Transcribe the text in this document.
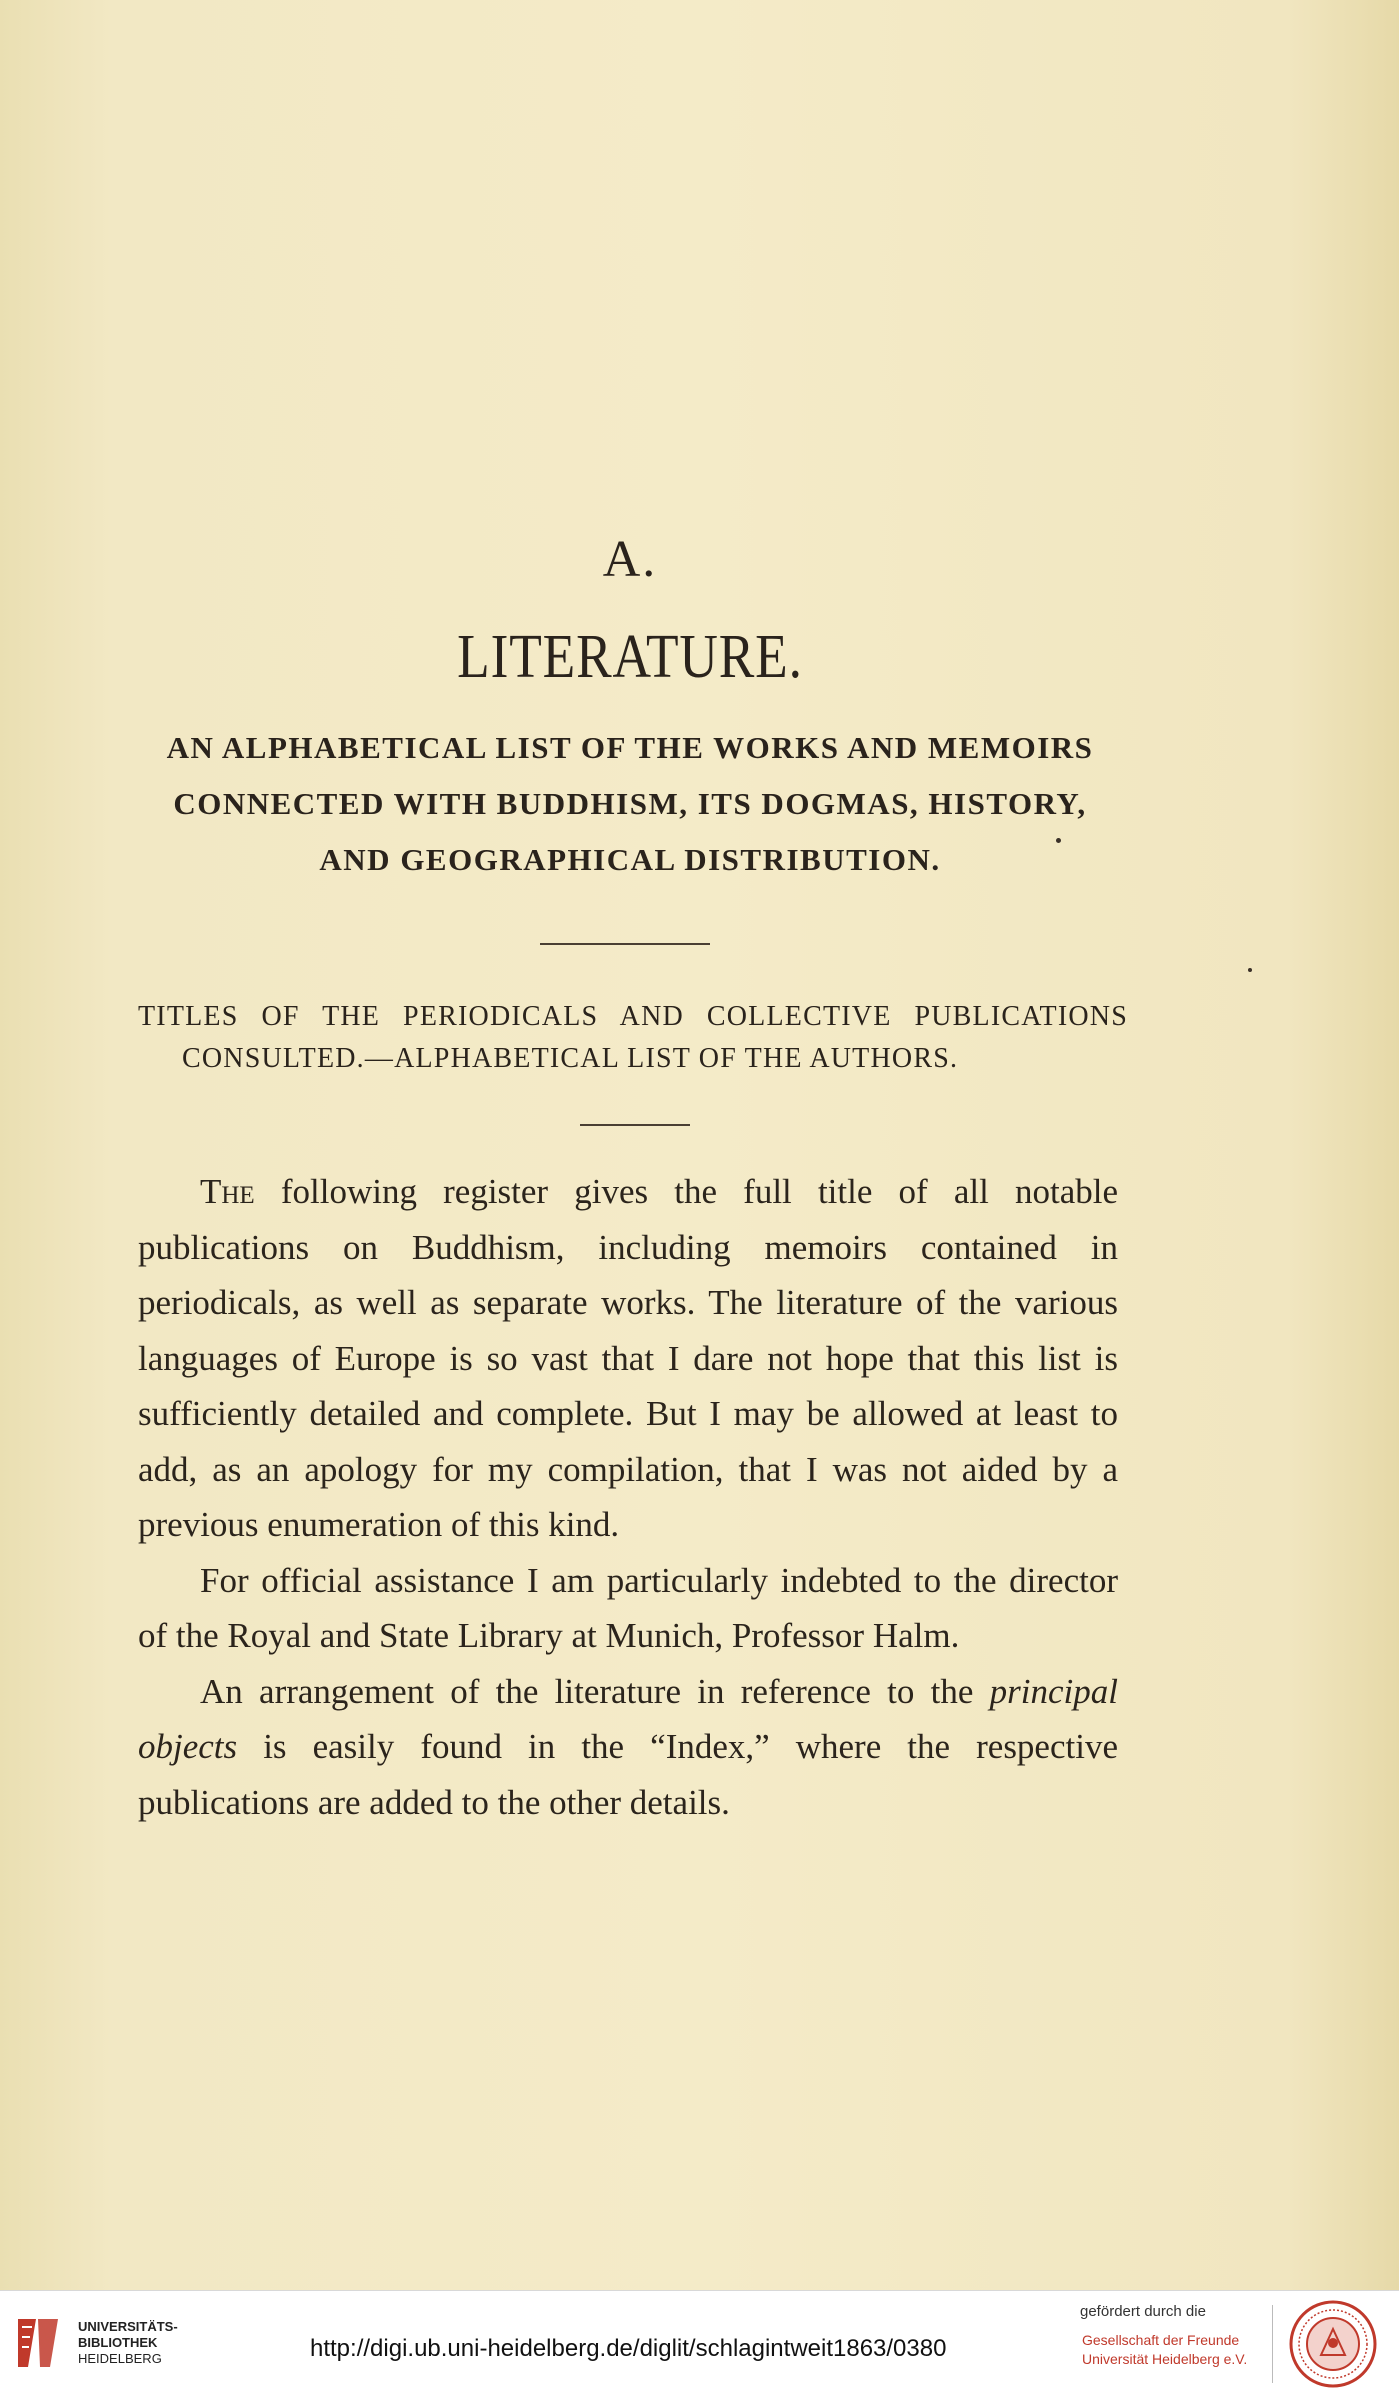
A.
LITERATURE.
AN ALPHABETICAL LIST OF THE WORKS AND MEMOIRS
CONNECTED WITH BUDDHISM, ITS DOGMAS, HISTORY,
AND GEOGRAPHICAL DISTRIBUTION.
TITLES OF THE PERIODICALS AND COLLECTIVE PUBLICATIONS
CONSULTED.—ALPHABETICAL LIST OF THE AUTHORS.

The following register gives the full title of all notable publications on Buddhism, including memoirs contained in periodicals, as well as separate works. The literature of the various languages of Europe is so vast that I dare not hope that this list is sufficiently detailed and complete. But I may be allowed at least to add, as an apology for my compilation, that I was not aided by a previous enumeration of this kind.

For official assistance I am particularly indebted to the director of the Royal and State Library at Munich, Professor Halm.

An arrangement of the literature in reference to the principal objects is easily found in the “Index,” where the respective publications are added to the other details.

UNIVERSITÄTS-
BIBLIOTHEK
HEIDELBERG	http://digi.ub.uni-heidelberg.de/diglit/schlagintweit1863/0380
gefördert durch die
Gesellschaft der Freunde
Universität Heidelberg e.V.
